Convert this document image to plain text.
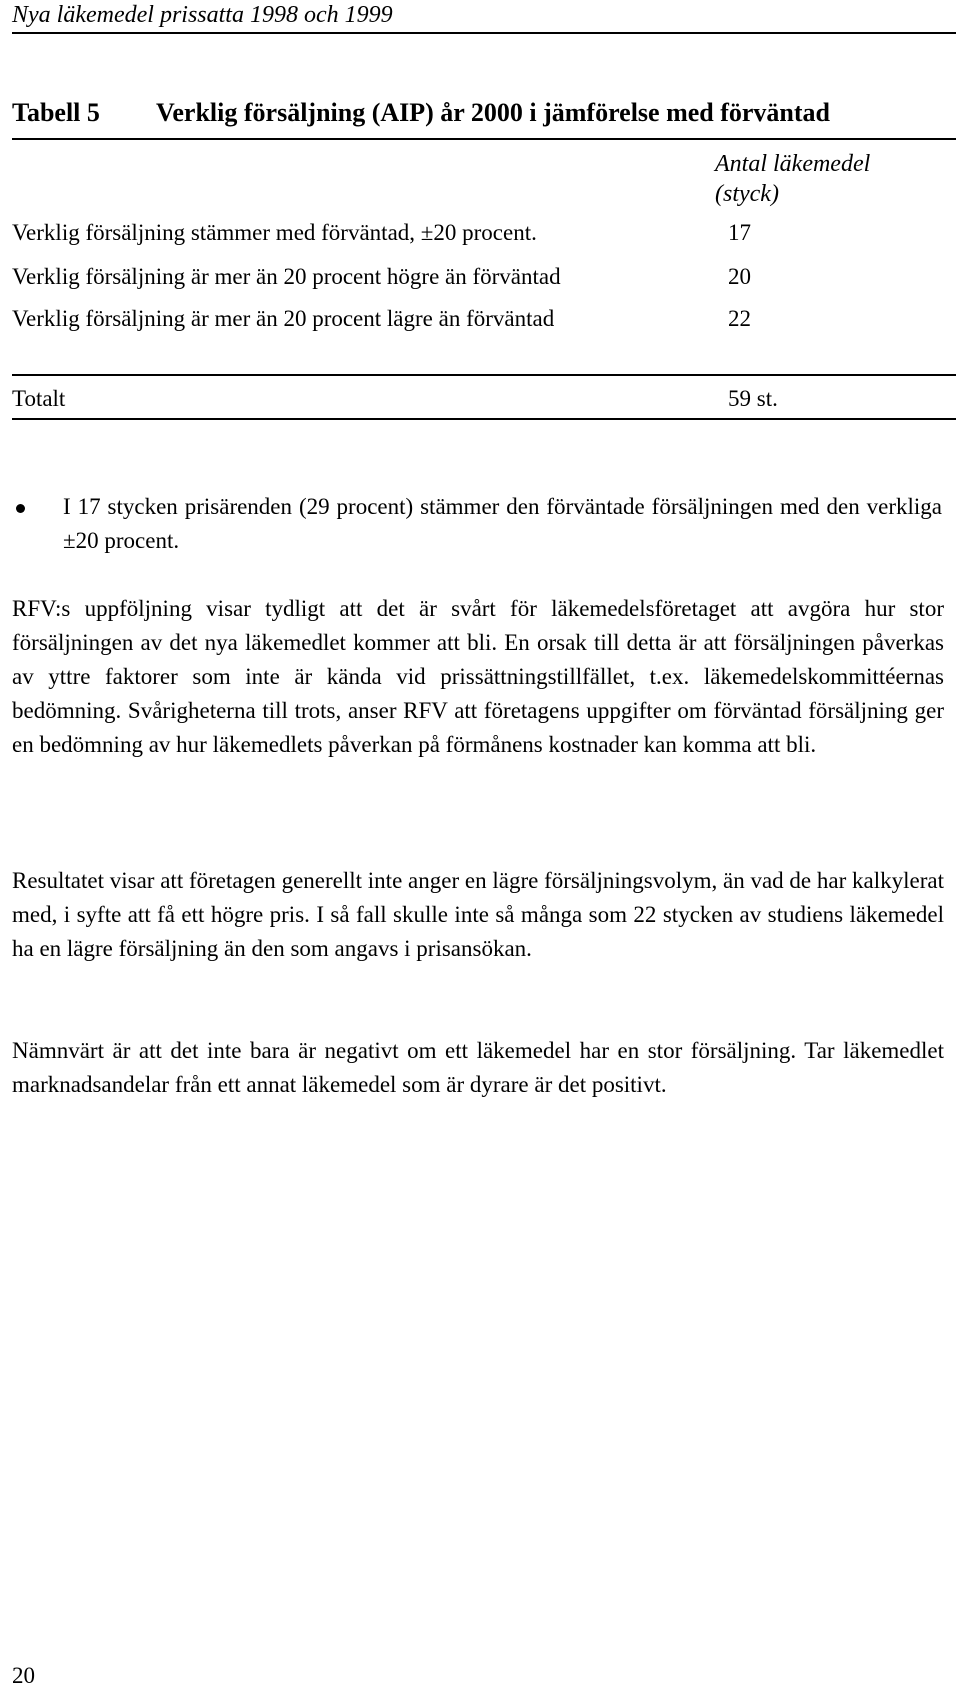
Nya läkemedel prissatta 1998 och 1999
Tabell 5 Verklig försäljning (AIP) år 2000 i jämförelse med förväntad
Antal läkemedel
(styck)
Verklig försäljning stämmer med förväntad, ±20 procent.	17
Verklig försäljning är mer än 20 procent högre än förväntad	20
Verklig försäljning är mer än 20 procent lägre än förväntad	22
Totalt	59 st.
I 17 stycken prisärenden (29 procent) stämmer den förväntade försäljningen med den verkliga ±20 procent.
RFV:s uppföljning visar tydligt att det är svårt för läkemedelsföretaget att avgöra hur stor försäljningen av det nya läkemedlet kommer att bli. En orsak till detta är att försäljningen påverkas av yttre faktorer som inte är kända vid prissättningstillfället, t.ex. läkemedelskommittéernas bedömning. Svårigheterna till trots, anser RFV att företagens uppgifter om förväntad försäljning ger en bedömning av hur läkemedlets påverkan på förmånens kostnader kan komma att bli.
Resultatet visar att företagen generellt inte anger en lägre försäljningsvolym, än vad de har kalkylerat med, i syfte att få ett högre pris. I så fall skulle inte så många som 22 stycken av studiens läkemedel ha en lägre försäljning än den som angavs i prisansökan.
Nämnvärt är att det inte bara är negativt om ett läkemedel har en stor försäljning. Tar läkemedlet marknadsandelar från ett annat läkemedel som är dyrare är det positivt.
20
